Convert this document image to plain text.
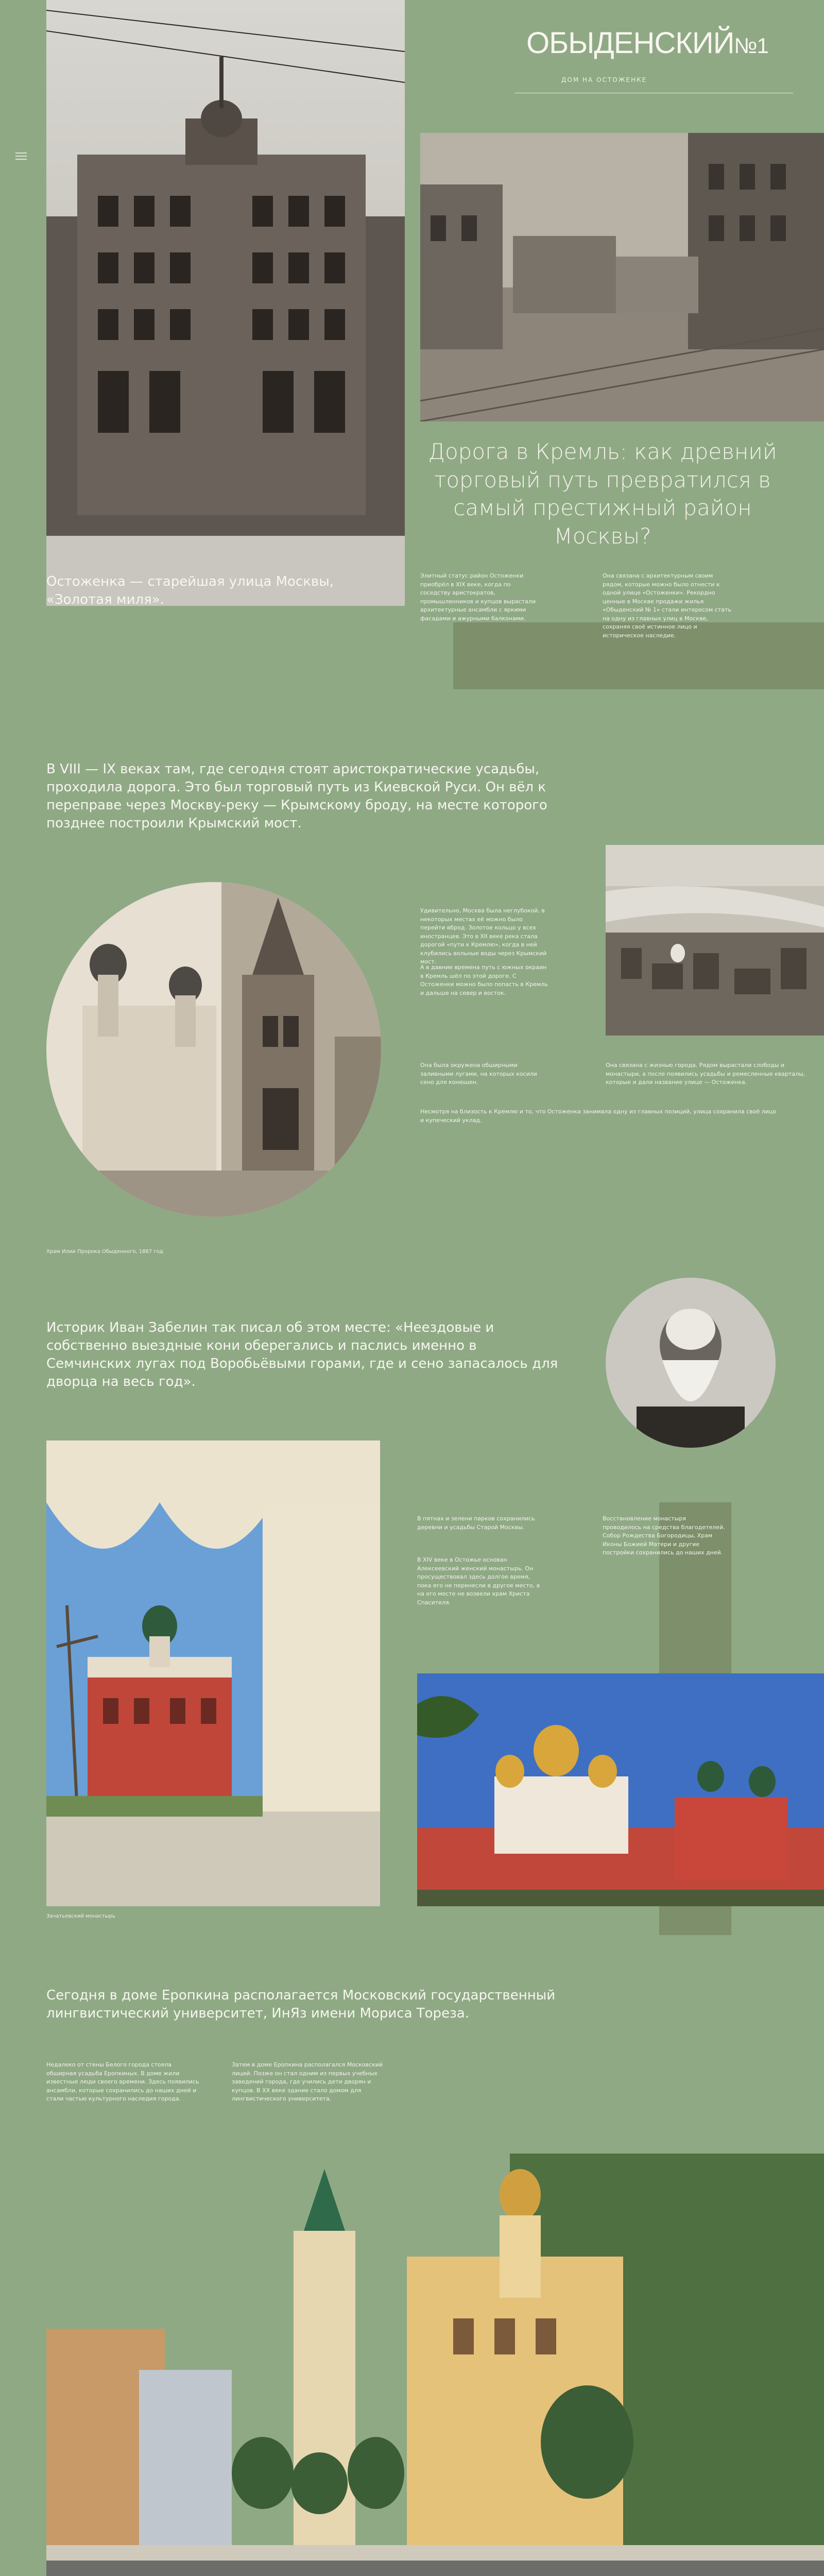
ОБЫДЕНСКИЙ№1
ДОМ НА ОСТОЖЕНКЕ
Дорога в Кремль: как древний торговый путь превратился в самый престижный район Москвы?
Остоженка — старейшая улица Москвы, «Золотая миля».
Элитный статус район Остоженки приобрёл в XIX веке, когда по соседству аристократов, промышленников и купцов вырастали архитектурные ансамбли с яркими фасадами и ажурными балконами.
Она связана с архитектурным своим рядом, которые можно было отнести к одной улице «Остоженки». Рекордно ценные в Москве продажи жилья «Обыденский № 1» стали интересом стать на одну из главных улиц в Москве, сохраняя своё истинное лицо и историческое наследие.
В VIII — IX веках там, где сегодня стоят аристократические усадьбы, проходила дорога. Это был торговый путь из Киевской Руси. Он вёл к переправе через Москву-реку — Крымскому броду, на месте которого позднее построили Крымский мост.
Храм Илии Пророка Обыденного, 1887 год
Удивительно, Москва была неглубокой, в некоторых местах её можно было перейти вброд. Золотое кольцо у всех иностранцев. Это в XII веке река стала дорогой «пути к Кремлю», когда в ней клубились вольные воды через Крымский мост.
А в давние времена путь с южных окраин в Кремль шёл по этой дороге. С Остоженки можно было попасть в Кремль и дальше на север и восток.
Она была окружена обширными заливными лугами, на которых косили сено для конюшен.
Несмотря на близость к Кремлю и то, что Остоженка занимала одну из главных позиций, улица сохранила своё лицо и купеческий уклад.
Она связана с жизнью города. Рядом вырастали слободы и монастыри, а после появились усадьбы и ремесленные кварталы, которые и дали название улице — Остоженка.
Историк Иван Забелин так писал об этом месте: «Неездовые и собственно выездные кони оберегались и паслись именно в Семчинских лугах под Воробьёвыми горами, где и сено запасалось для дворца на весь год».
Зачатьевский монастырь
В пятнах и зелени парков сохранились деревни и усадьбы Старой Москвы.
В XIV веке в Остожье основан Алексеевский женский монастырь. Он просуществовал здесь долгое время, пока его не перенесли в другое место, а на его месте не возвели храм Христа Спасителя.
Восстановление монастыря проводилось на средства благодетелей. Собор Рождества Богородицы, Храм Иконы Божией Матери и другие постройки сохранились до наших дней.
Сегодня в доме Еропкина располагается Московский государственный лингвистический университет, ИнЯз имени Мориса Тореза.
Недалеко от стены Белого города стояла обширная усадьба Еропкиных. В доме жили известные люди своего времени. Здесь появились ансамбли, которые сохранились до наших дней и стали частью культурного наследия города.
Затем в доме Еропкина располагался Московский лицей. Позже он стал одним из первых учебных заведений города, где учились дети дворян и купцов. В XX веке здание стало домом для лингвистического университета.
